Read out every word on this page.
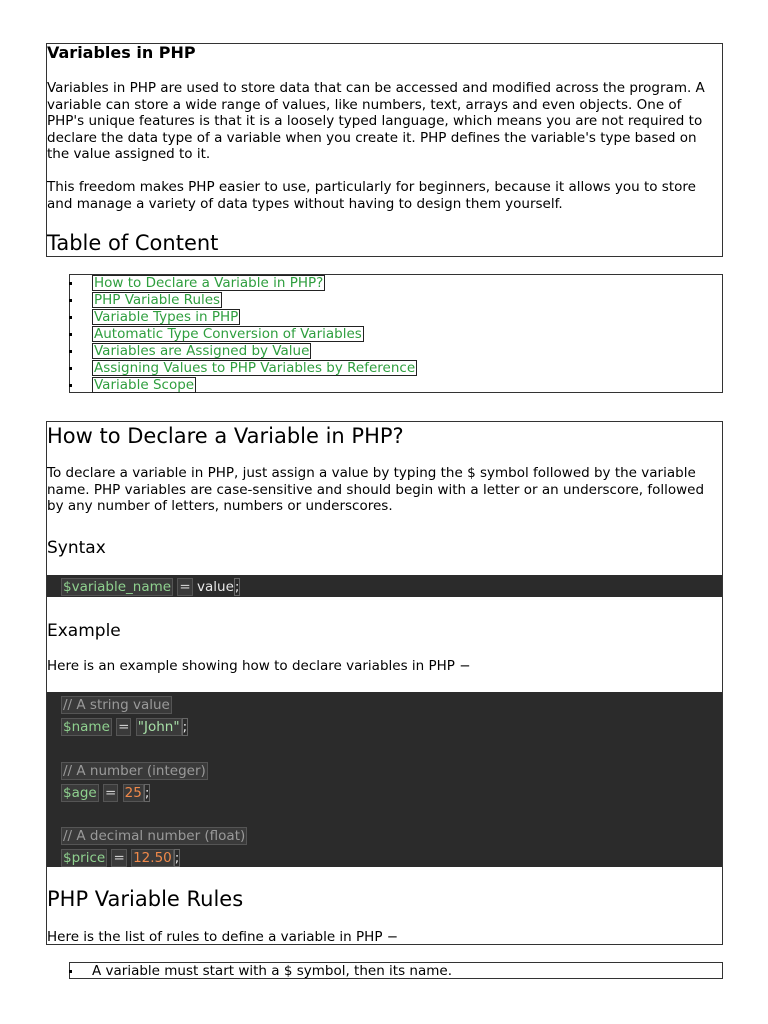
Variables in PHP

Variables in PHP are used to store data that can be accessed and modified across the program. A variable can store a wide range of values, like numbers, text, arrays and even objects. One of PHP's unique features is that it is a loosely typed language, which means you are not required to declare the data type of a variable when you create it. PHP defines the variable's type based on the value assigned to it.

This freedom makes PHP easier to use, particularly for beginners, because it allows you to store and manage a variety of data types without having to design them yourself.

Table of Content
How to Declare a Variable in PHP?
PHP Variable Rules
Variable Types in PHP
Automatic Type Conversion of Variables
Variables are Assigned by Value
Assigning Values to PHP Variables by Reference
Variable Scope
How to Declare a Variable in PHP?

To declare a variable in PHP, just assign a value by typing the $ symbol followed by the variable name. PHP variables are case-sensitive and should begin with a letter or an underscore, followed by any number of letters, numbers or underscores.

Syntax
$variable_name = value;
Example

Here is an example showing how to declare variables in PHP −

// A string value
$name = "John" ;
// A number (integer)
$age = 25 ;
// A decimal number (float)
$price = 12.50 ;
PHP Variable Rules

Here is the list of rules to define a variable in PHP −

A variable must start with a $ symbol, then its name.
